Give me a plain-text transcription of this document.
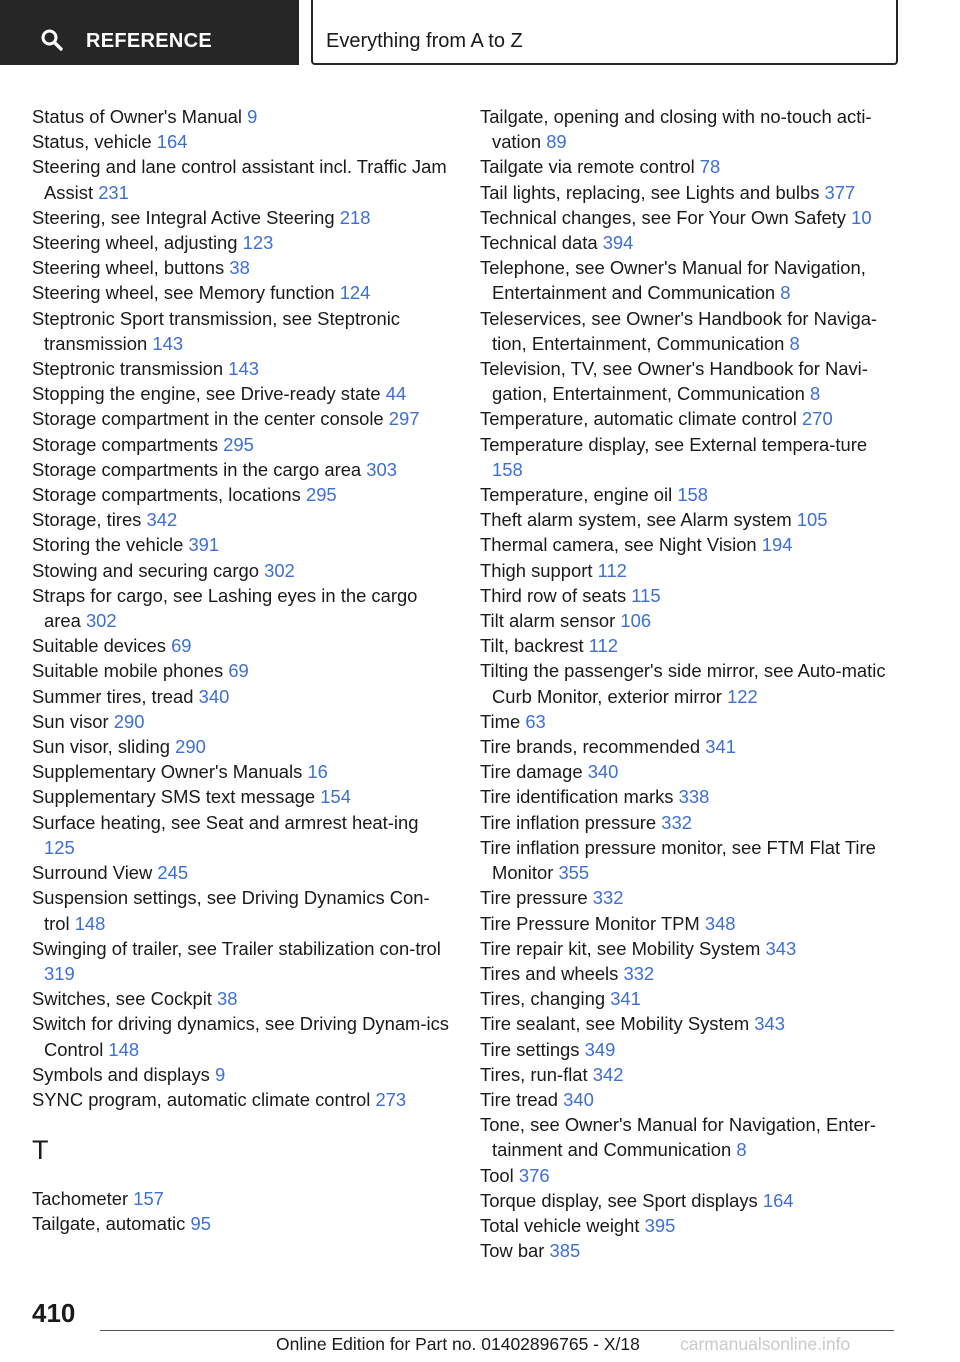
REFERENCE	Everything from A to Z
Status of Owner's Manual 9
Status, vehicle 164
Steering and lane control assistant incl. Traffic Jam Assist 231
Steering, see Integral Active Steering 218
Steering wheel, adjusting 123
Steering wheel, buttons 38
Steering wheel, see Memory function 124
Steptronic Sport transmission, see Steptronic transmission 143
Steptronic transmission 143
Stopping the engine, see Drive-ready state 44
Storage compartment in the center console 297
Storage compartments 295
Storage compartments in the cargo area 303
Storage compartments, locations 295
Storage, tires 342
Storing the vehicle 391
Stowing and securing cargo 302
Straps for cargo, see Lashing eyes in the cargo area 302
Suitable devices 69
Suitable mobile phones 69
Summer tires, tread 340
Sun visor 290
Sun visor, sliding 290
Supplementary Owner's Manuals 16
Supplementary SMS text message 154
Surface heating, see Seat and armrest heat-ing 125
Surround View 245
Suspension settings, see Driving Dynamics Con-trol 148
Swinging of trailer, see Trailer stabilization con-trol 319
Switches, see Cockpit 38
Switch for driving dynamics, see Driving Dynam-ics Control 148
Symbols and displays 9
SYNC program, automatic climate control 273
T
Tachometer 157
Tailgate, automatic 95
Tailgate, opening and closing with no-touch acti-vation 89
Tailgate via remote control 78
Tail lights, replacing, see Lights and bulbs 377
Technical changes, see For Your Own Safety 10
Technical data 394
Telephone, see Owner's Manual for Navigation, Entertainment and Communication 8
Teleservices, see Owner's Handbook for Naviga-tion, Entertainment, Communication 8
Television, TV, see Owner's Handbook for Navi-gation, Entertainment, Communication 8
Temperature, automatic climate control 270
Temperature display, see External tempera-ture 158
Temperature, engine oil 158
Theft alarm system, see Alarm system 105
Thermal camera, see Night Vision 194
Thigh support 112
Third row of seats 115
Tilt alarm sensor 106
Tilt, backrest 112
Tilting the passenger's side mirror, see Auto-matic Curb Monitor, exterior mirror 122
Time 63
Tire brands, recommended 341
Tire damage 340
Tire identification marks 338
Tire inflation pressure 332
Tire inflation pressure monitor, see FTM Flat Tire Monitor 355
Tire pressure 332
Tire Pressure Monitor TPM 348
Tire repair kit, see Mobility System 343
Tires and wheels 332
Tires, changing 341
Tire sealant, see Mobility System 343
Tire settings 349
Tires, run-flat 342
Tire tread 340
Tone, see Owner's Manual for Navigation, Enter-tainment and Communication 8
Tool 376
Torque display, see Sport displays 164
Total vehicle weight 395
Tow bar 385
410
Online Edition for Part no. 01402896765 - X/18 carmanualsonline.info
